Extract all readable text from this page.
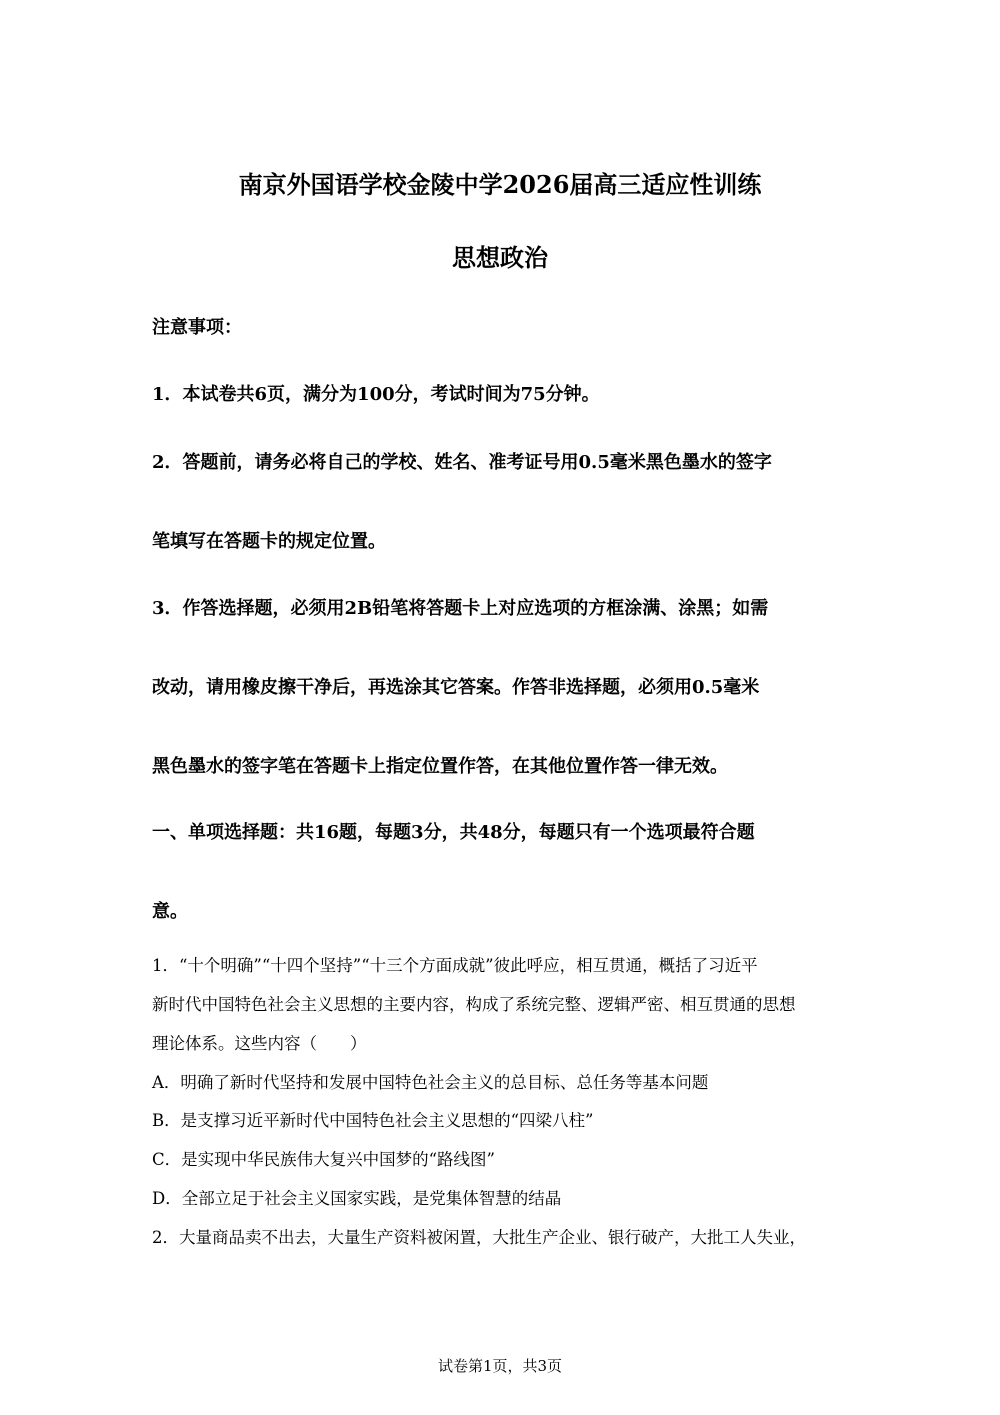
南京外国语学校金陵中学2026届高三适应性训练
思想政治
注意事项：
1．本试卷共6页，满分为100分，考试时间为75分钟。
2．答题前，请务必将自己的学校、姓名、准考证号用0.5毫米黑色墨水的签字
笔填写在答题卡的规定位置。
3．作答选择题，必须用2B铅笔将答题卡上对应选项的方框涂满、涂黑；如需
改动，请用橡皮擦干净后，再选涂其它答案。作答非选择题，必须用0.5毫米
黑色墨水的签字笔在答题卡上指定位置作答，在其他位置作答一律无效。
一、单项选择题：共16题，每题3分，共48分，每题只有一个选项最符合题
意。
1．“十个明确”“十四个坚持”“十三个方面成就”彼此呼应，相互贯通，概括了习近平
新时代中国特色社会主义思想的主要内容，构成了系统完整、逻辑严密、相互贯通的思想
理论体系。这些内容（　　）
A．明确了新时代坚持和发展中国特色社会主义的总目标、总任务等基本问题
B．是支撑习近平新时代中国特色社会主义思想的“四梁八柱”
C．是实现中华民族伟大复兴中国梦的“路线图”
D．全部立足于社会主义国家实践，是党集体智慧的结晶
2．大量商品卖不出去，大量生产资料被闲置，大批生产企业、银行破产，大批工人失业，
试卷第1页，共3页
